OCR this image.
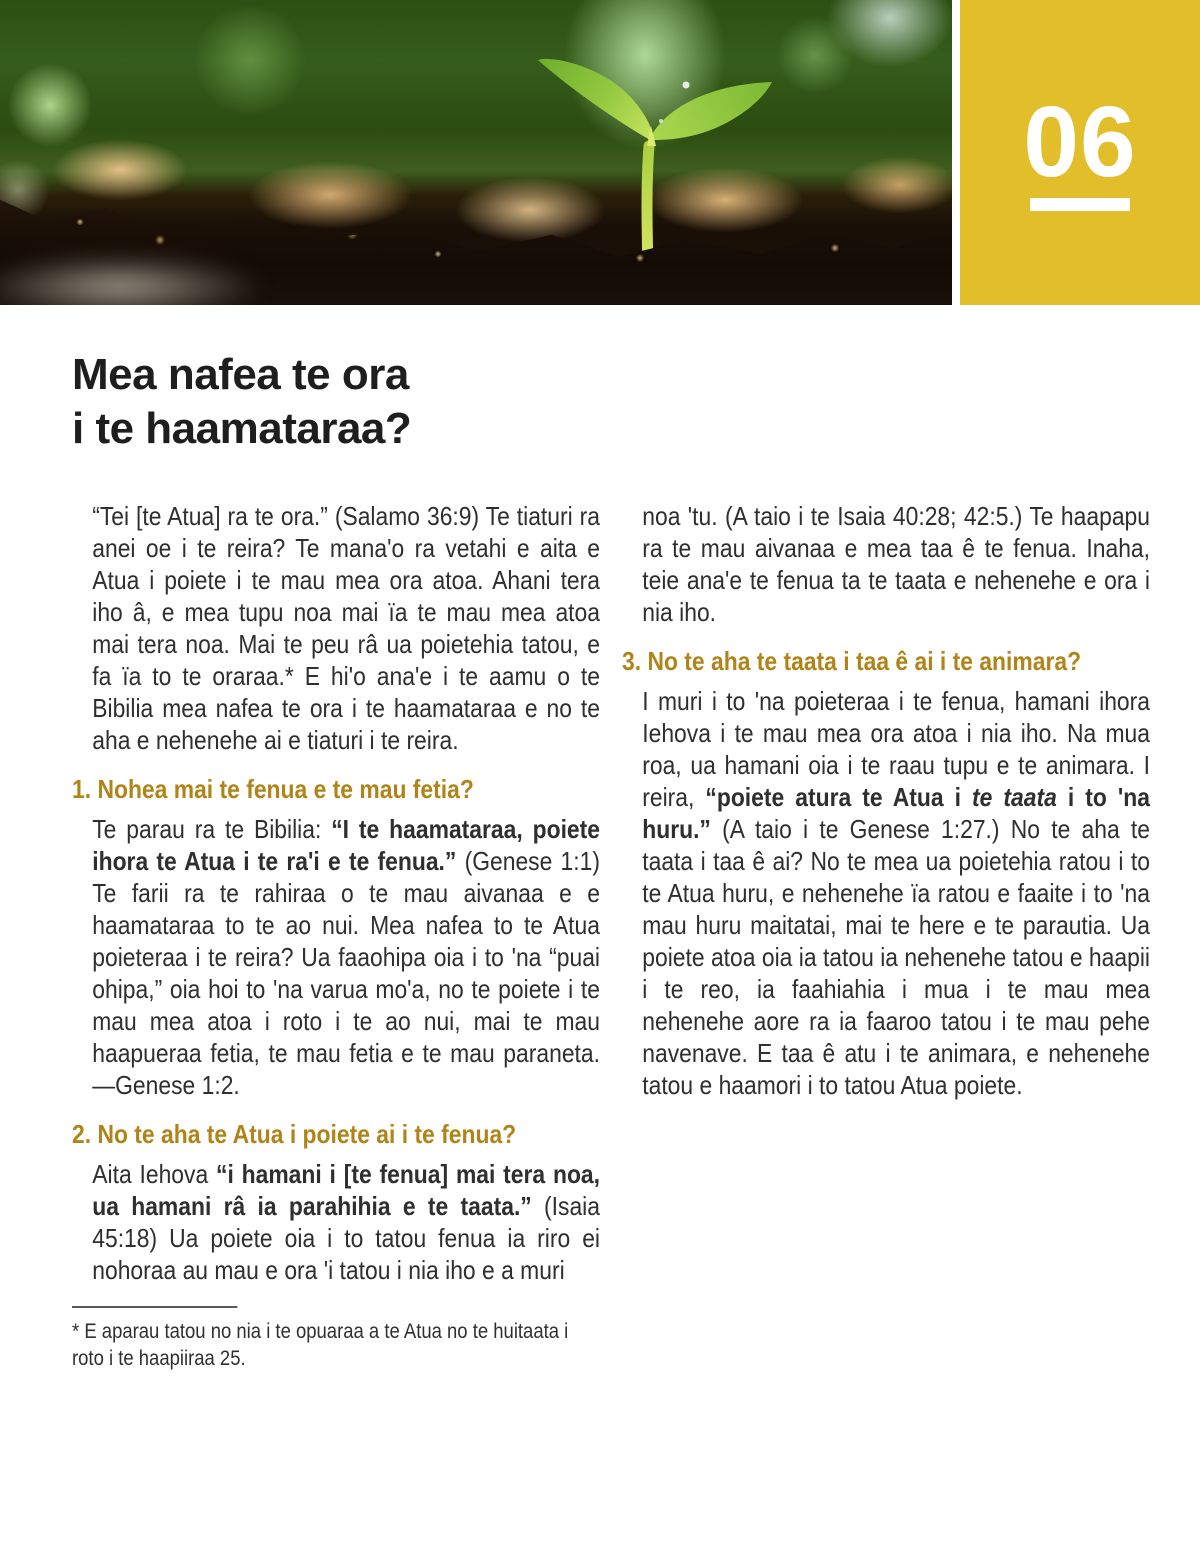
06
Mea nafea te ora
i te haamataraa?

“Tei [te Atua] ra te ora.” (Salamo 36:9) Te tiaturi ra anei oe i te reira? Te mana'o ra vetahi e aita e Atua i poiete i te mau mea ora atoa. Ahani tera iho â, e mea tupu noa mai ïa te mau mea atoa mai tera noa. Mai te peu râ ua poietehia tatou, e fa ïa to te oraraa.* E hi'o ana'e i te aamu o te Bibilia mea nafea te ora i te haamataraa e no te aha e nehenehe ai e tiaturi i te reira.

1. Nohea mai te fenua e te mau fetia?

Te parau ra te Bibilia: “I te haamataraa, poiete ihora te Atua i te ra'i e te fenua.” (Genese 1:1) Te farii ra te rahiraa o te mau aivanaa e e haamataraa to te ao nui. Mea nafea to te Atua poieteraa i te reira? Ua faaohipa oia i to 'na “puai ohipa,” oia hoi to 'na varua mo'a, no te poiete i te mau mea atoa i roto i te ao nui, mai te mau haapueraa fetia, te mau fetia e te mau paraneta.—Genese 1:2.

2. No te aha te Atua i poiete ai i te fenua?

Aita Iehova “i hamani i [te fenua] mai tera noa, ua hamani râ ia parahihia e te taata.” (Isaia 45:18) Ua poiete oia i to tatou fenua ia riro ei nohoraa au mau e ora 'i tatou i nia iho e a muri

* E aparau tatou no nia i te opuaraa a te Atua no te huitaata i roto i te haapiiraa 25.

noa 'tu. (A taio i te Isaia 40:28; 42:5.) Te haapapu ra te mau aivanaa e mea taa ê te fenua. Inaha, teie ana'e te fenua ta te taata e nehenehe e ora i nia iho.

3. No te aha te taata i taa ê ai i te animara?

I muri i to 'na poieteraa i te fenua, hamani ihora Iehova i te mau mea ora atoa i nia iho. Na mua roa, ua hamani oia i te raau tupu e te animara. I reira, “poiete atura te Atua i te taata i to 'na huru.” (A taio i te Genese 1:27.) No te aha te taata i taa ê ai? No te mea ua poietehia ratou i to te Atua huru, e nehenehe ïa ratou e faaite i to 'na mau huru maitatai, mai te here e te parautia. Ua poiete atoa oia ia tatou ia nehenehe tatou e haapii i te reo, ia faahiahia i mua i te mau mea nehenehe aore ra ia faaroo tatou i te mau pehe navenave. E taa ê atu i te animara, e nehenehe tatou e haamori i to tatou Atua poiete.
